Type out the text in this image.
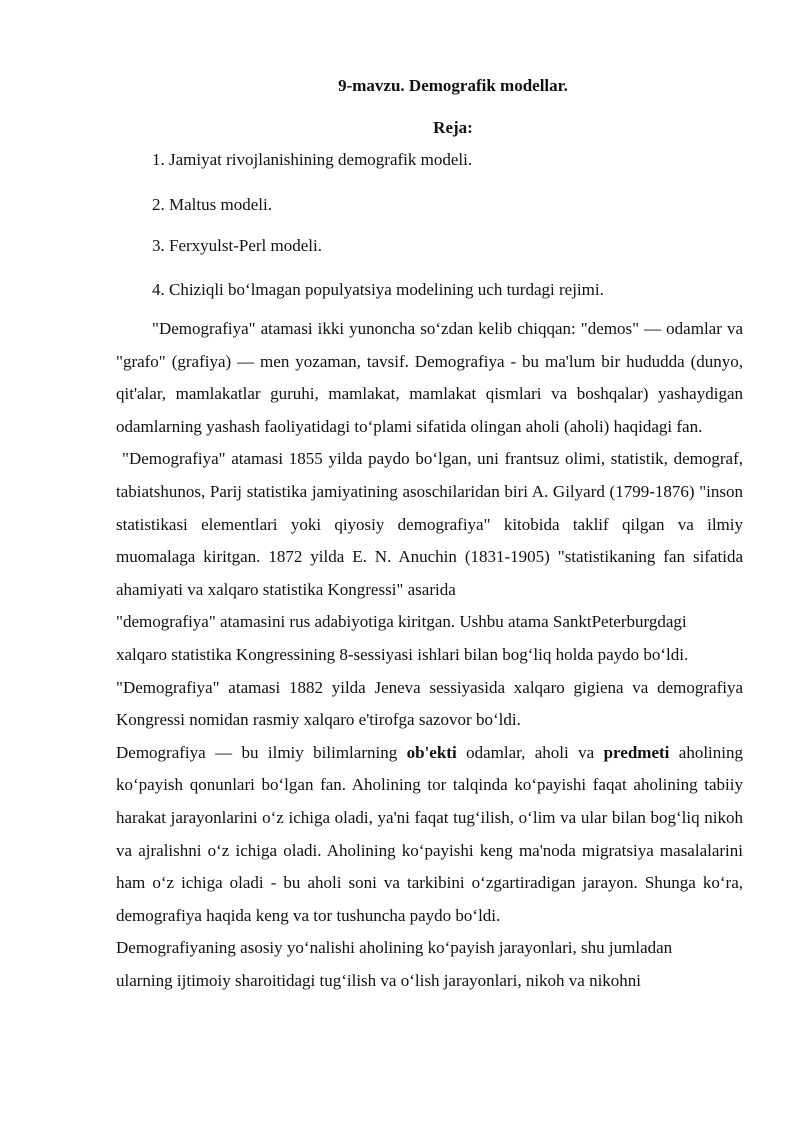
9-mavzu. Demografik modellar.
Reja:
1. Jamiyat rivojlanishining demografik modeli.
2. Maltus modeli.
3. Ferxyulst-Perl modeli.
4. Chiziqli bo‘lmagan populyatsiya modelining uch turdagi rejimi.

"Demografiya" atamasi ikki yunoncha so‘zdan kelib chiqqan: "demos" — odamlar va "grafo" (grafiya) — men yozaman, tavsif. Demografiya - bu ma'lum bir hududda (dunyo, qit'alar, mamlakatlar guruhi, mamlakat, mamlakat qismlari va boshqalar) yashaydigan odamlarning yashash faoliyatidagi to‘plami sifatida olingan aholi (aholi) haqidagi fan.

"Demografiya" atamasi 1855 yilda paydo bo‘lgan, uni frantsuz olimi, statistik, demograf, tabiatshunos, Parij statistika jamiyatining asoschilaridan biri A. Gilyard (1799-1876) "inson statistikasi elementlari yoki qiyosiy demografiya" kitobida taklif qilgan va ilmiy muomalaga kiritgan. 1872 yilda E. N. Anuchin (1831-1905) "statistikaning fan sifatida ahamiyati va xalqaro statistika Kongressi" asarida

"demografiya" atamasini rus adabiyotiga kiritgan. Ushbu atama SanktPeterburgdagi
xalqaro statistika Kongressining 8-sessiyasi ishlari bilan bog‘liq holda paydo bo‘ldi.

"Demografiya" atamasi 1882 yilda Jeneva sessiyasida xalqaro gigiena va demografiya Kongressi nomidan rasmiy xalqaro e'tirofga sazovor bo‘ldi.

Demografiya — bu ilmiy bilimlarning ob'ekti odamlar, aholi va predmeti aholining ko‘payish qonunlari bo‘lgan fan. Aholining tor talqinda ko‘payishi faqat aholining tabiiy harakat jarayonlarini o‘z ichiga oladi, ya'ni faqat tug‘ilish, o‘lim va ular bilan bog‘liq nikoh va ajralishni o‘z ichiga oladi. Aholining ko‘payishi keng ma'noda migratsiya masalalarini ham o‘z ichiga oladi - bu aholi soni va tarkibini o‘zgartiradigan jarayon. Shunga ko‘ra, demografiya haqida keng va tor tushuncha paydo bo‘ldi.

Demografiyaning asosiy yo‘nalishi aholining ko‘payish jarayonlari, shu jumladan
ularning ijtimoiy sharoitidagi tug‘ilish va o‘lish jarayonlari, nikoh va nikohni
